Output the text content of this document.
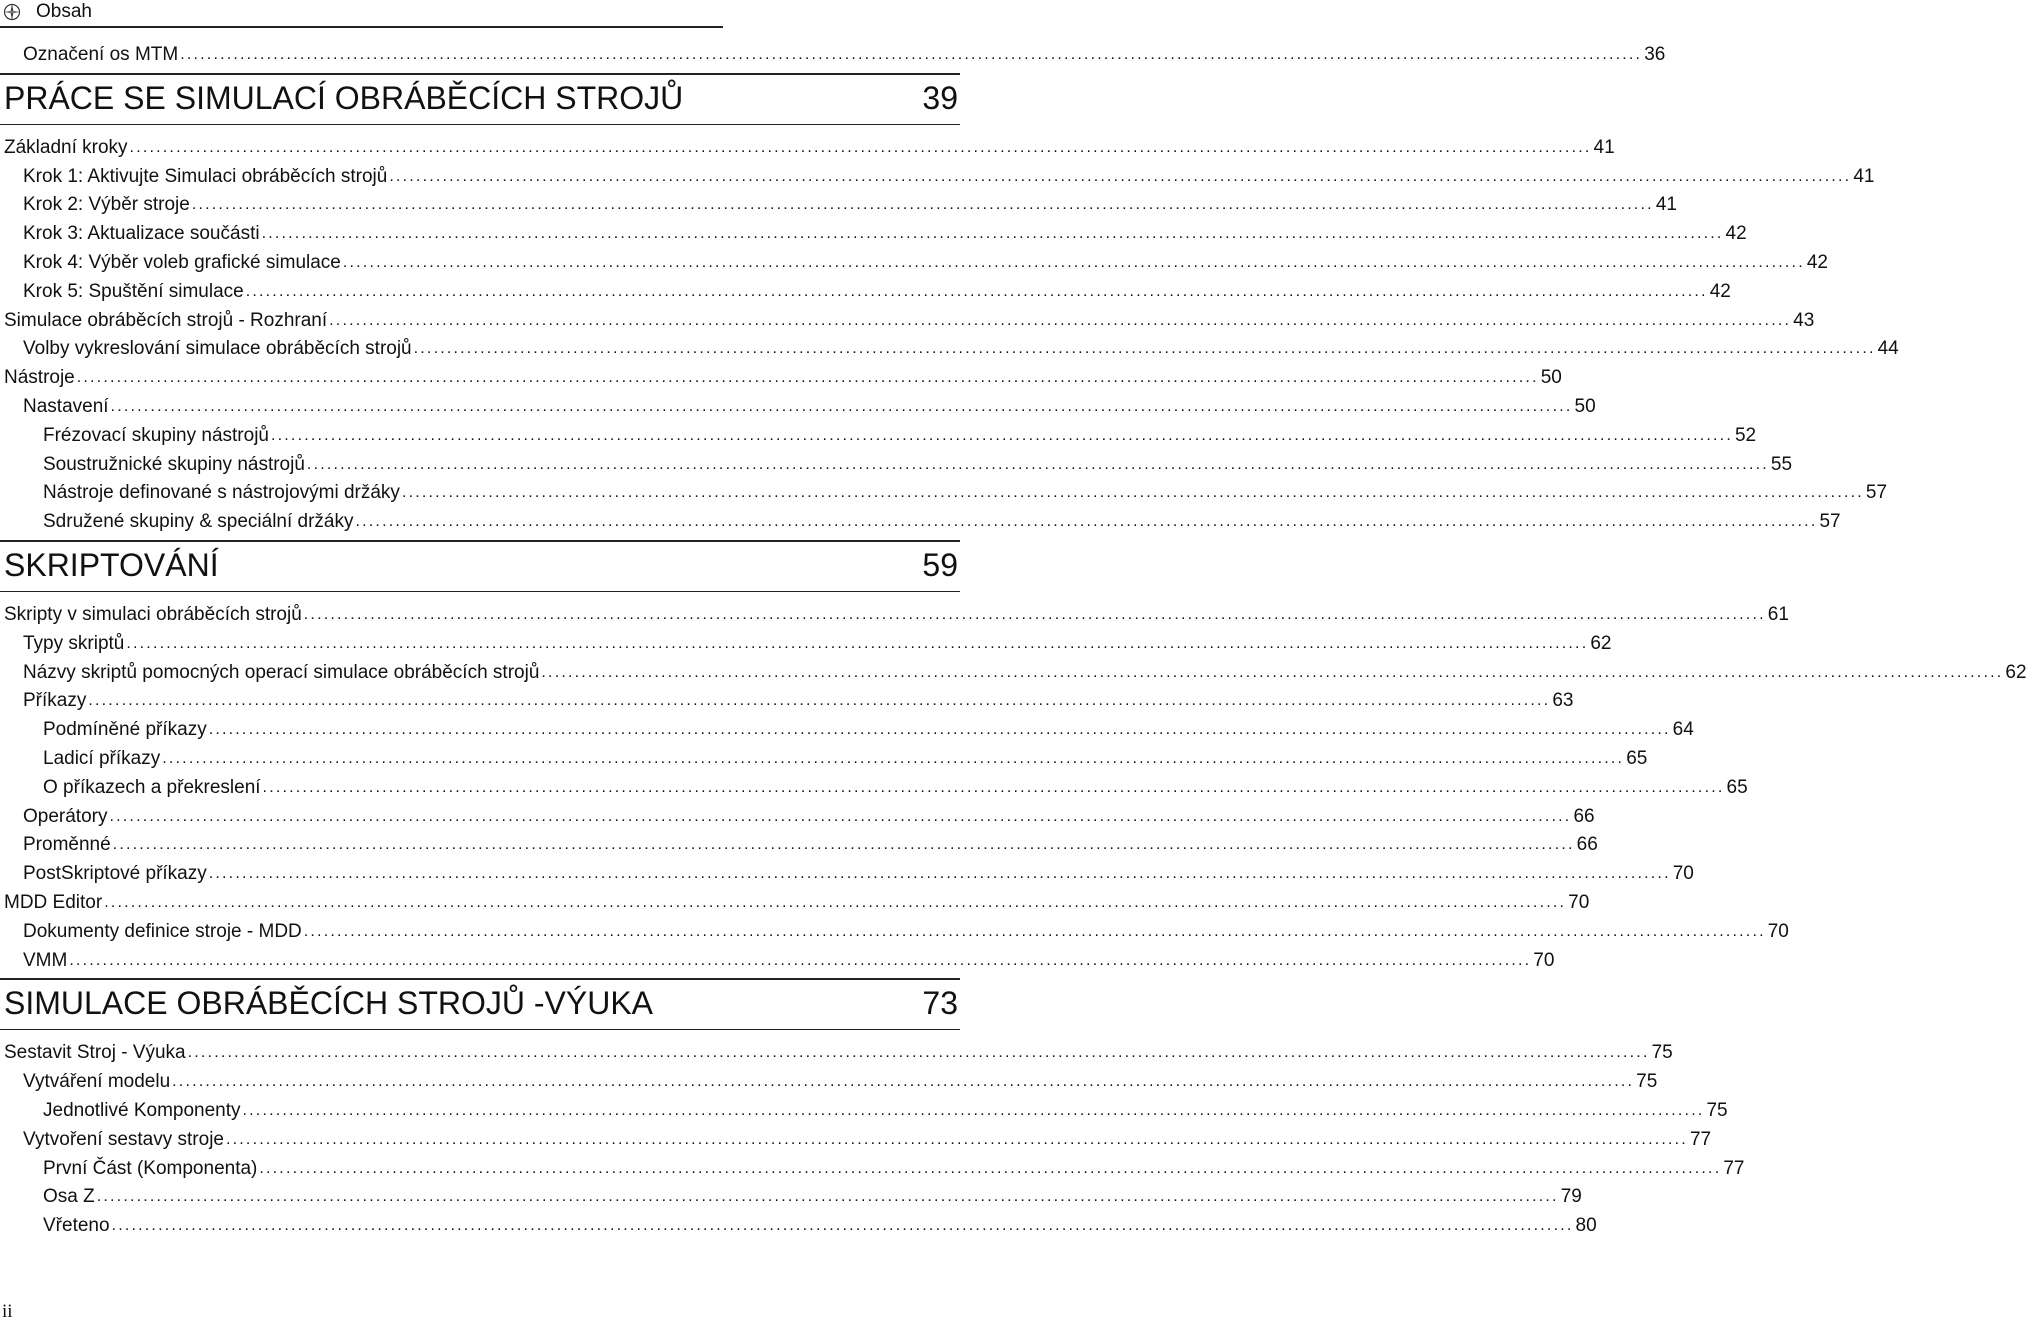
Obsah
Označení os MTM ............................................................................................................................................................................................................................ 36
PRÁCE SE SIMULACÍ OBRÁBĚCÍCH STROJŮ	39
Základní kroky ............................................................................................................................................................................................................................ 41
Krok 1: Aktivujte Simulaci obráběcích strojů ............................................................................................................................................................................................................................ 41
Krok 2: Výběr stroje ............................................................................................................................................................................................................................ 41
Krok 3: Aktualizace součásti ............................................................................................................................................................................................................................ 42
Krok 4: Výběr voleb grafické simulace ............................................................................................................................................................................................................................ 42
Krok 5: Spuštění simulace ............................................................................................................................................................................................................................ 42
Simulace obráběcích strojů - Rozhraní ............................................................................................................................................................................................................................ 43
Volby vykreslování simulace obráběcích strojů ............................................................................................................................................................................................................................ 44
Nástroje ............................................................................................................................................................................................................................ 50
Nastavení ............................................................................................................................................................................................................................ 50
Frézovací skupiny nástrojů ............................................................................................................................................................................................................................ 52
Soustružnické skupiny nástrojů ............................................................................................................................................................................................................................ 55
Nástroje definované s nástrojovými držáky ............................................................................................................................................................................................................................ 57
Sdružené skupiny & speciální držáky ............................................................................................................................................................................................................................ 57
SKRIPTOVÁNÍ	59
Skripty v simulaci obráběcích strojů ............................................................................................................................................................................................................................ 61
Typy skriptů ............................................................................................................................................................................................................................ 62
Názvy skriptů pomocných operací simulace obráběcích strojů ............................................................................................................................................................................................................................ 62
Příkazy ............................................................................................................................................................................................................................ 63
Podmíněné příkazy ............................................................................................................................................................................................................................ 64
Ladicí příkazy ............................................................................................................................................................................................................................ 65
O příkazech a překreslení ............................................................................................................................................................................................................................ 65
Operátory ............................................................................................................................................................................................................................ 66
Proměnné ............................................................................................................................................................................................................................ 66
PostSkriptové příkazy ............................................................................................................................................................................................................................ 70
MDD Editor ............................................................................................................................................................................................................................ 70
Dokumenty definice stroje - MDD ............................................................................................................................................................................................................................ 70
VMM ............................................................................................................................................................................................................................ 70
SIMULACE OBRÁBĚCÍCH STROJŮ -VÝUKA	73
Sestavit Stroj - Výuka ............................................................................................................................................................................................................................ 75
Vytváření modelu ............................................................................................................................................................................................................................ 75
Jednotlivé Komponenty ............................................................................................................................................................................................................................ 75
Vytvoření sestavy stroje ............................................................................................................................................................................................................................ 77
První Část (Komponenta) ............................................................................................................................................................................................................................ 77
Osa Z ............................................................................................................................................................................................................................ 79
Vřeteno ............................................................................................................................................................................................................................ 80
ii
